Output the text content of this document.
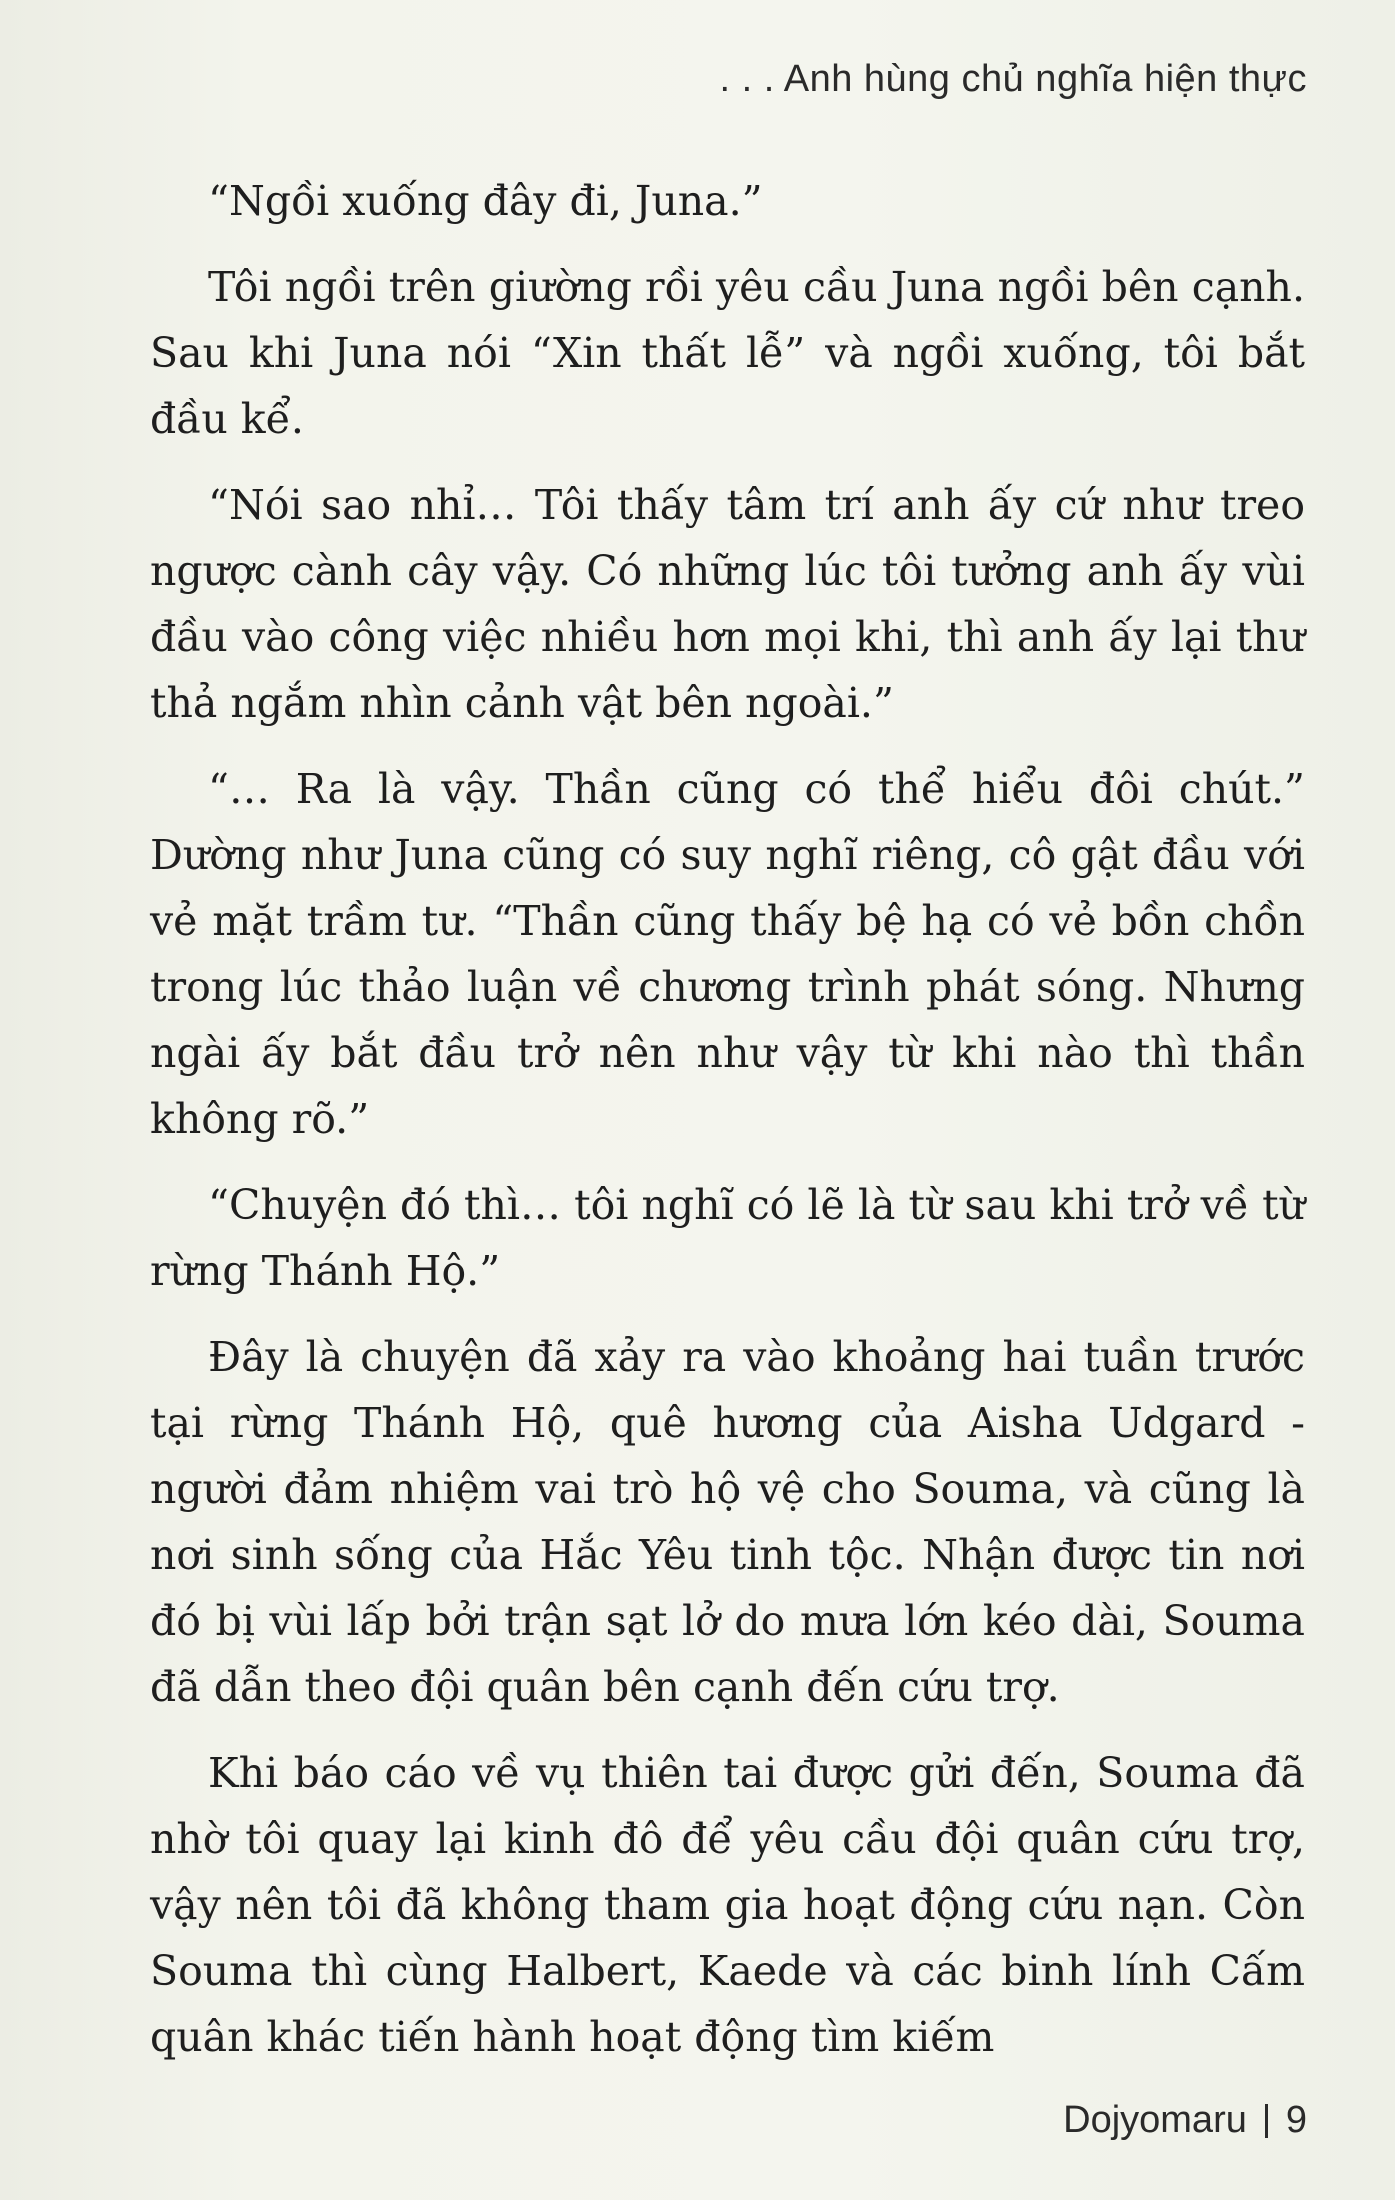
. . . Anh hùng chủ nghĩa hiện thực

“Ngồi xuống đây đi, Juna.”

Tôi ngồi trên giường rồi yêu cầu Juna ngồi bên cạnh. Sau khi Juna nói “Xin thất lễ” và ngồi xuống, tôi bắt đầu kể.

“Nói sao nhỉ… Tôi thấy tâm trí anh ấy cứ như treo ngược cành cây vậy. Có những lúc tôi tưởng anh ấy vùi đầu vào công việc nhiều hơn mọi khi, thì anh ấy lại thư thả ngắm nhìn cảnh vật bên ngoài.”

“… Ra là vậy. Thần cũng có thể hiểu đôi chút.” Dường như Juna cũng có suy nghĩ riêng, cô gật đầu với vẻ mặt trầm tư. “Thần cũng thấy bệ hạ có vẻ bồn chồn trong lúc thảo luận về chương trình phát sóng. Nhưng ngài ấy bắt đầu trở nên như vậy từ khi nào thì thần không rõ.”

“Chuyện đó thì… tôi nghĩ có lẽ là từ sau khi trở về từ rừng Thánh Hộ.”

Đây là chuyện đã xảy ra vào khoảng hai tuần trước tại rừng Thánh Hộ, quê hương của Aisha Udgard - người đảm nhiệm vai trò hộ vệ cho Souma, và cũng là nơi sinh sống của Hắc Yêu tinh tộc. Nhận được tin nơi đó bị vùi lấp bởi trận sạt lở do mưa lớn kéo dài, Souma đã dẫn theo đội quân bên cạnh đến cứu trợ.

Khi báo cáo về vụ thiên tai được gửi đến, Souma đã nhờ tôi quay lại kinh đô để yêu cầu đội quân cứu trợ, vậy nên tôi đã không tham gia hoạt động cứu nạn. Còn Souma thì cùng Halbert, Kaede và các binh lính Cấm quân khác tiến hành hoạt động tìm kiếm

Dojyomaru 9
